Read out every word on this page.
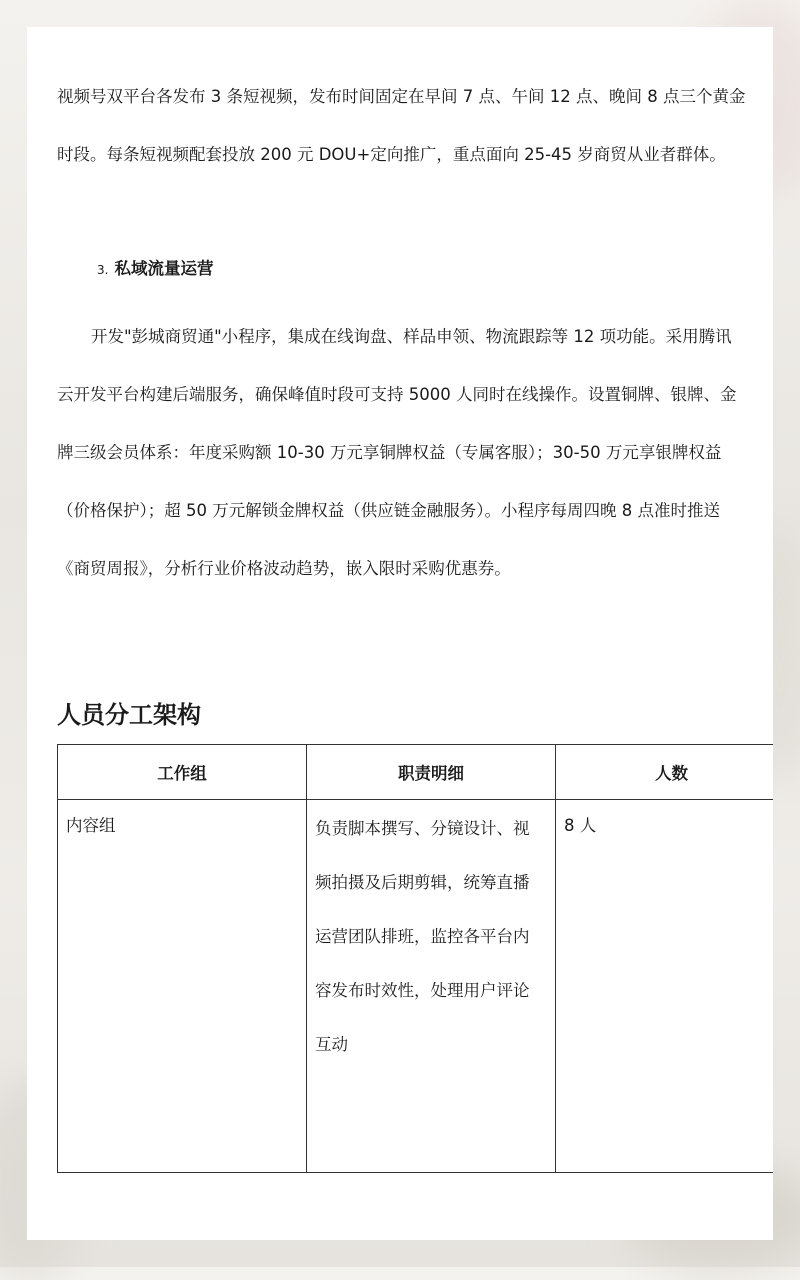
视频号双平台各发布 3 条短视频，发布时间固定在早间 7 点、午间 12 点、晚间 8 点三个黄金时段。每条短视频配套投放 200 元 DOU+定向推广，重点面向 25-45 岁商贸从业者群体。

3. 私域流量运营

开发"彭城商贸通"小程序，集成在线询盘、样品申领、物流跟踪等 12 项功能。采用腾讯云开发平台构建后端服务，确保峰值时段可支持 5000 人同时在线操作。设置铜牌、银牌、金牌三级会员体系：年度采购额 10-30 万元享铜牌权益（专属客服）；30-50 万元享银牌权益（价格保护）；超 50 万元解锁金牌权益（供应链金融服务）。小程序每周四晚 8 点准时推送《商贸周报》，分析行业价格波动趋势，嵌入限时采购优惠券。

人员分工架构
工作组	职责明细	人数
内容组	负责脚本撰写、分镜设计、视频拍摄及后期剪辑，统筹直播运营团队排班，监控各平台内容发布时效性，处理用户评论互动	8 人
